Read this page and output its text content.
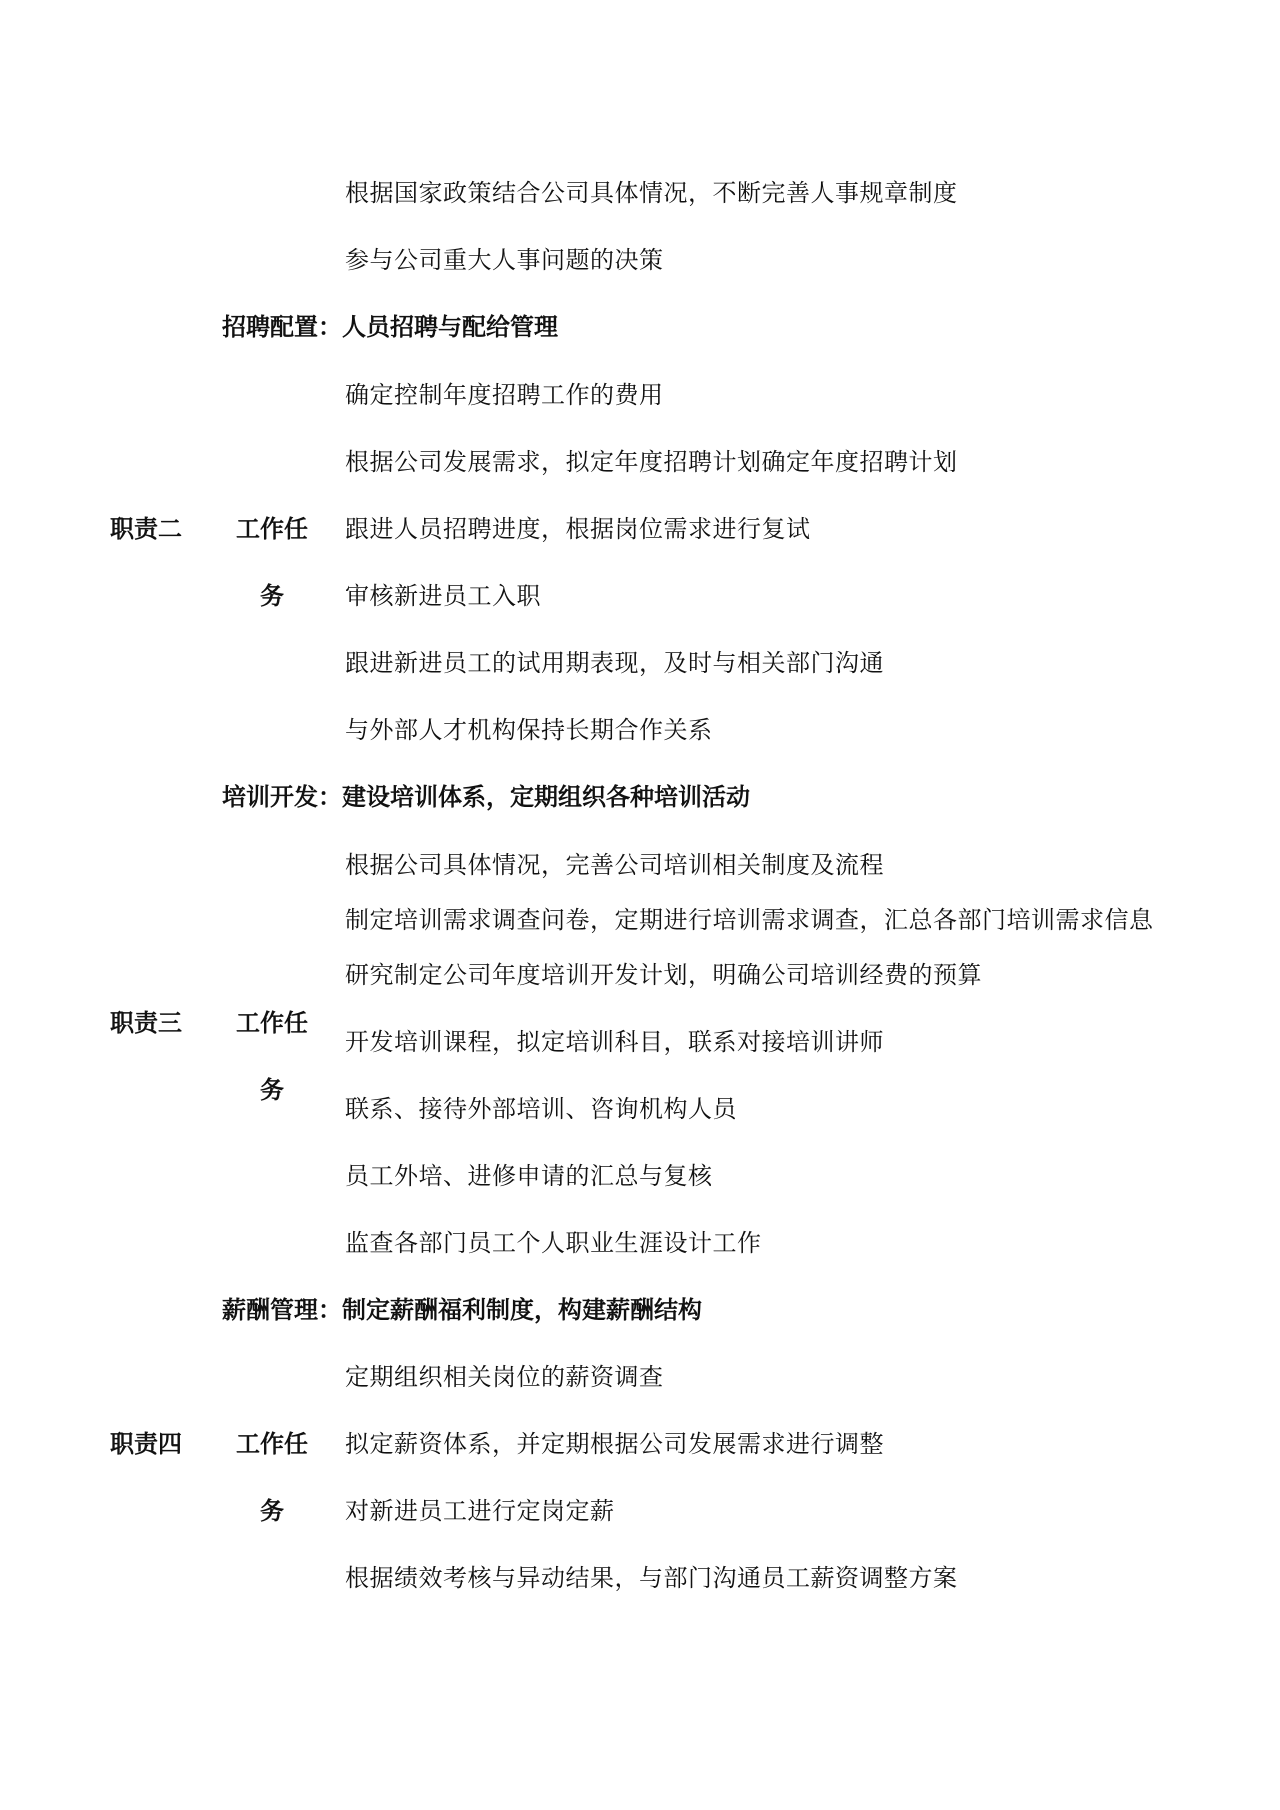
根据国家政策结合公司具体情况，不断完善人事规章制度
参与公司重大人事问题的决策
招聘配置：人员招聘与配给管理
确定控制年度招聘工作的费用
根据公司发展需求，拟定年度招聘计划确定年度招聘计划
职责二 工作任 跟进人员招聘进度，根据岗位需求进行复试
务	审核新进员工入职
跟进新进员工的试用期表现，及时与相关部门沟通
与外部人才机构保持长期合作关系
培训开发：建设培训体系，定期组织各种培训活动
根据公司具体情况，完善公司培训相关制度及流程
制定培训需求调查问卷，定期进行培训需求调查，汇总各部门培训需求信息
研究制定公司年度培训开发计划，明确公司培训经费的预算
职责三 工作任
开发培训课程，拟定培训科目，联系对接培训讲师
务
联系、接待外部培训、咨询机构人员
员工外培、进修申请的汇总与复核
监查各部门员工个人职业生涯设计工作
薪酬管理：制定薪酬福利制度，构建薪酬结构
定期组织相关岗位的薪资调查
职责四 工作任 拟定薪资体系，并定期根据公司发展需求进行调整
务	对新进员工进行定岗定薪
根据绩效考核与异动结果，与部门沟通员工薪资调整方案
